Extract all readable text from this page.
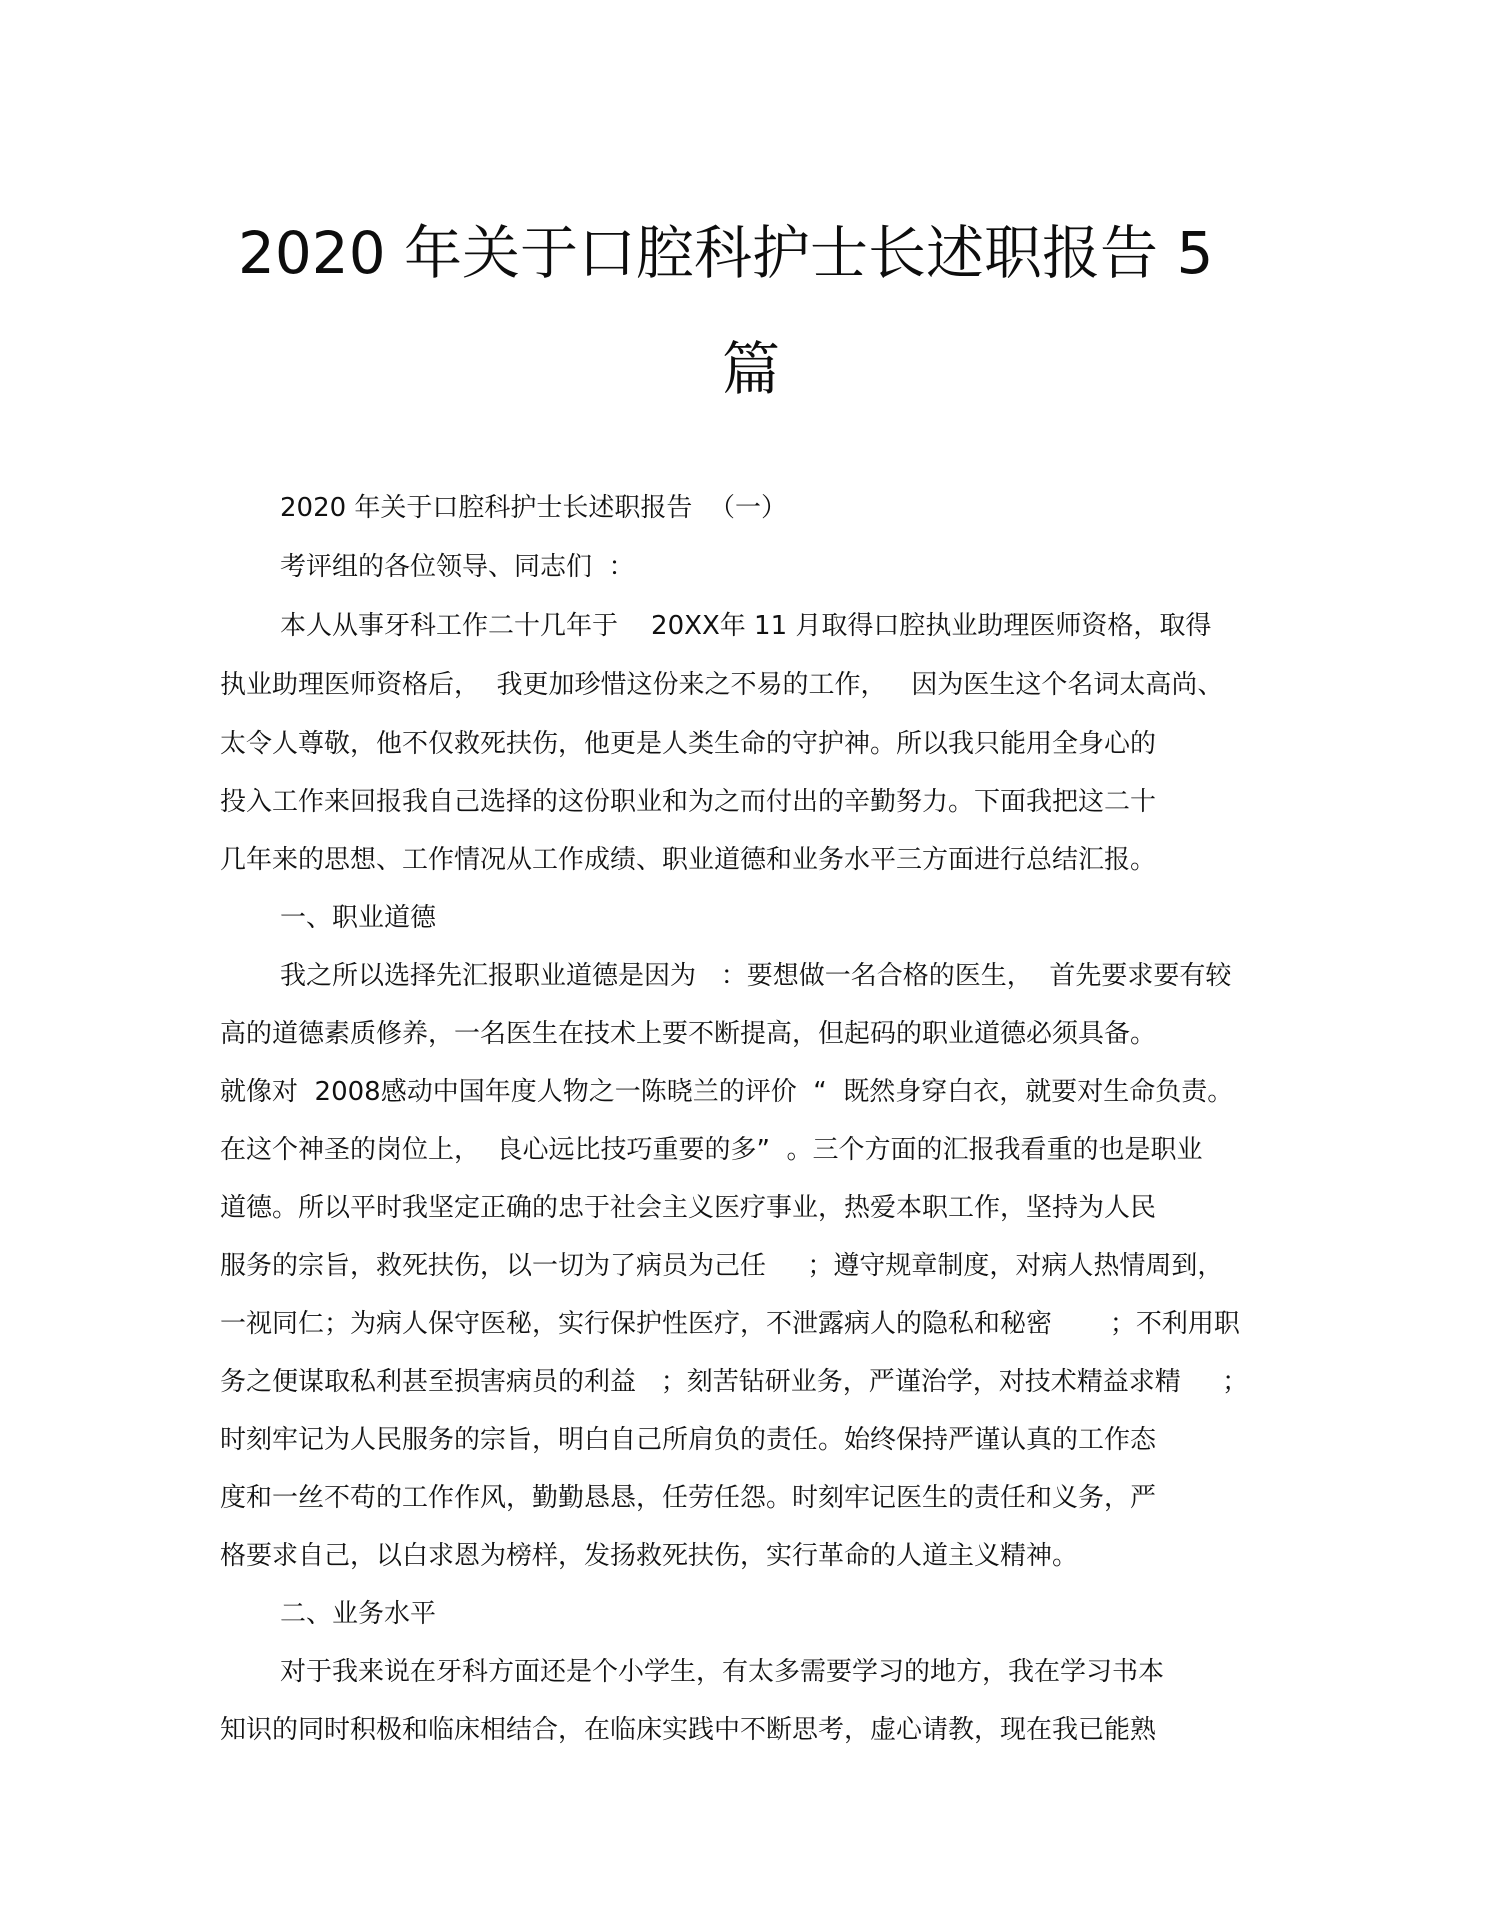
2020 年关于口腔科护士长述职报告 5
篇
2020 年关于口腔科护士长述职报告  （一）
考评组的各位领导、同志们  ：
本人从事牙科工作二十几年于    20XX年 11 月取得口腔执业助理医师资格，取得
执业助理医师资格后，  我更加珍惜这份来之不易的工作，   因为医生这个名词太高尚、
太令人尊敬，他不仅救死扶伤，他更是人类生命的守护神。所以我只能用全身心的
投入工作来回报我自己选择的这份职业和为之而付出的辛勤努力。下面我把这二十
几年来的思想、工作情况从工作成绩、职业道德和业务水平三方面进行总结汇报。
一、职业道德
我之所以选择先汇报职业道德是因为   ：要想做一名合格的医生，  首先要求要有较
高的道德素质修养，一名医生在技术上要不断提高，但起码的职业道德必须具备。
就像对  2008感动中国年度人物之一陈晓兰的评价  “  既然身穿白衣，就要对生命负责。
在这个神圣的岗位上，  良心远比技巧重要的多”  。三个方面的汇报我看重的也是职业
道德。所以平时我坚定正确的忠于社会主义医疗事业，热爱本职工作，坚持为人民
服务的宗旨，救死扶伤，以一切为了病员为己任     ；遵守规章制度，对病人热情周到，
一视同仁；为病人保守医秘，实行保护性医疗，不泄露病人的隐私和秘密       ；不利用职
务之便谋取私利甚至损害病员的利益   ；刻苦钻研业务，严谨治学，对技术精益求精     ；
时刻牢记为人民服务的宗旨，明白自己所肩负的责任。始终保持严谨认真的工作态
度和一丝不苟的工作作风，勤勤恳恳，任劳任怨。时刻牢记医生的责任和义务，严
格要求自己，以白求恩为榜样，发扬救死扶伤，实行革命的人道主义精神。
二、业务水平
对于我来说在牙科方面还是个小学生，有太多需要学习的地方，我在学习书本
知识的同时积极和临床相结合，在临床实践中不断思考，虚心请教，现在我已能熟
